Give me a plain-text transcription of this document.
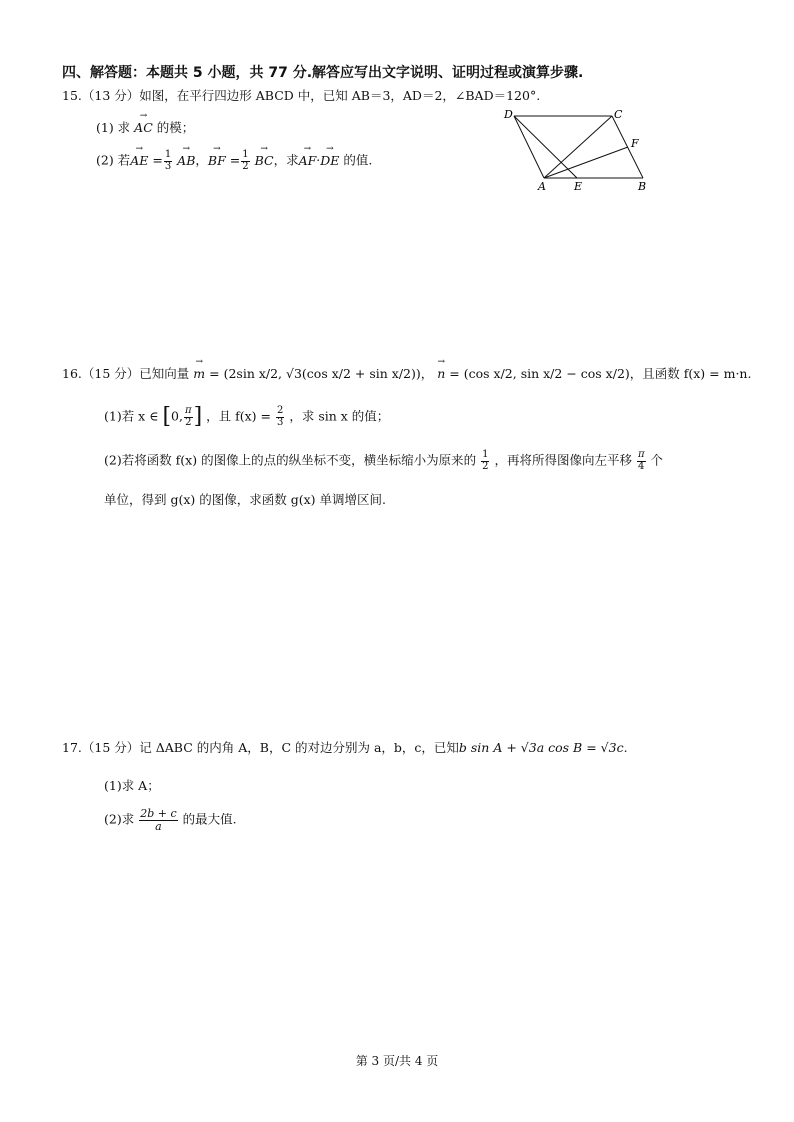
四、解答题：本题共 5 小题，共 77 分.解答应写出文字说明、证明过程或演算步骤.
15.（13 分）如图，在平行四边形 ABCD 中，已知 AB＝3，AD＝2，∠BAD＝120°.
(1) 求 → AC 的模；
(2) 若→ AE = $\frac{1}{3}$ → AB，→ BF = $\frac{1}{2}$ → BC，求→ AF·→ DE 的值.
D	C
F
A	E	B
16.（15 分）已知向量 → m = (2sin x/2, √3(cos x/2 + sin x/2))， → n = (cos x/2, sin x/2 − cos x/2)，且函数 f(x) = m·n.
(1)若 x ∈ [0, $\frac{\pi}{2}$ ] ，且 $f(x) = \frac{2}{3}$ ，求 sin x 的值；
(2)若将函数 f(x) 的图像上的点的纵坐标不变，横坐标缩小为原来的 $\frac{1}{2}$ ，再将所得图像向左平移 $\frac{\pi}{4}$ 个
单位，得到 g(x) 的图像，求函数 g(x) 单调增区间.
17.（15 分）记 ΔABC 的内角 A，B，C 的对边分别为 a，b，c，已知b sin A + √3a cos B = √3c.
(1)求 A；
(2)求 $\frac{2b + c}{a}$ 的最大值.
第 3 页/共 4 页
